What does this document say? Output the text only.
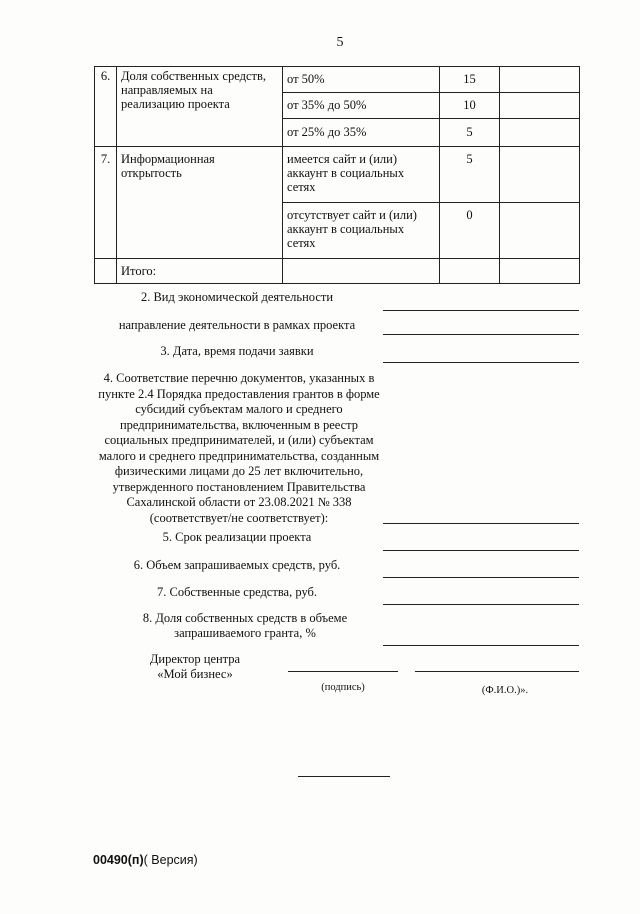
5
6.	Доля собственных средств, направляемых на реализацию проекта	от 50%	15	
		от 35% до 50%	10	
		от 25% до 35%	5	
7.	Информационная открытость	имеется сайт и (или) аккаунт в социальных сетях	5	
		отсутствует сайт и (или) аккаунт в социальных сетях	0	
	Итого:			
2. Вид экономической деятельности
направление деятельности в рамках проекта
3. Дата, время подачи заявки
4. Соответствие перечню документов, указанных в пункте 2.4 Порядка предоставления грантов в форме субсидий субъектам малого и среднего предпринимательства, включенным в реестр социальных предпринимателей, и (или) субъектам малого и среднего предпринимательства, созданным физическими лицами до 25 лет включительно, утвержденного постановлением Правительства Сахалинской области от 23.08.2021 № 338 (соответствует/не соответствует):
5. Срок реализации проекта
6. Объем запрашиваемых средств, руб.
7. Собственные средства, руб.
8. Доля собственных средств в объеме запрашиваемого гранта, %
Директор центра
«Мой бизнес»
(подпись)	(Ф.И.О.)».
00490(п)( Версия)
